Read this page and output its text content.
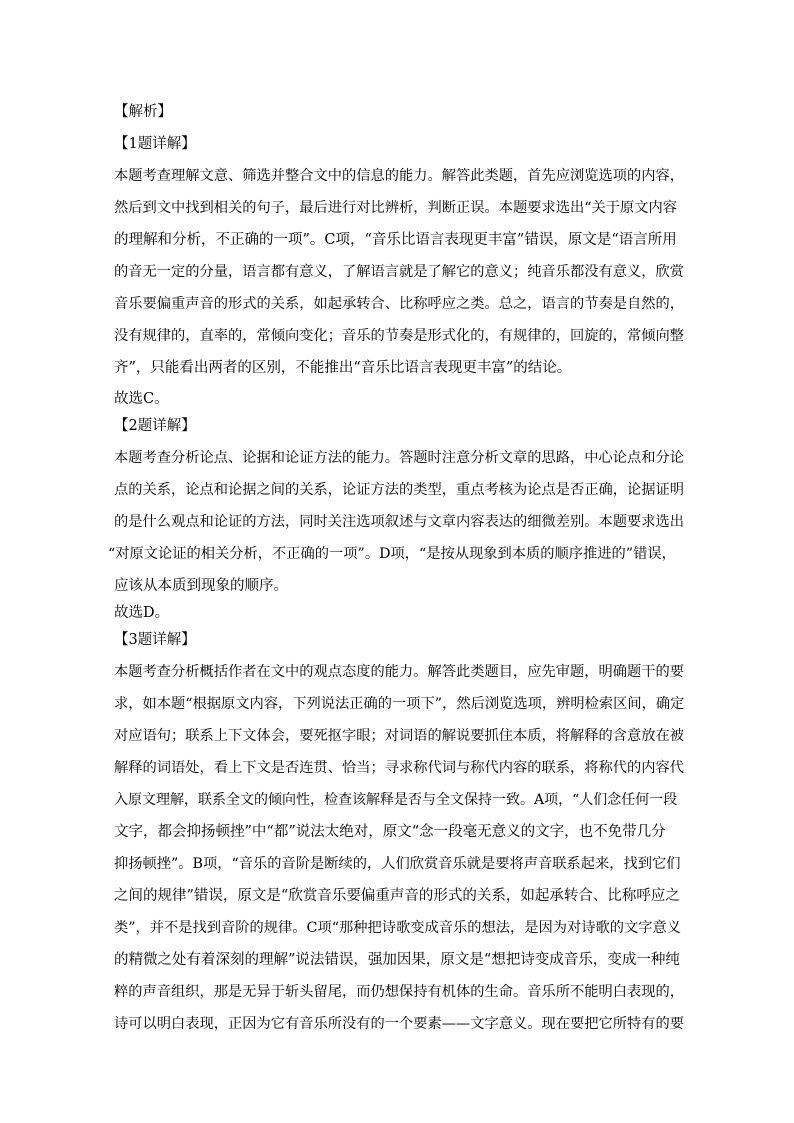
【解析】
【1题详解】
本题考查理解文意、筛选并整合文中的信息的能力。解答此类题，首先应浏览选项的内容，
然后到文中找到相关的句子，最后进行对比辨析，判断正误。本题要求选出“关于原文内容
的理解和分析，不正确的一项”。C项，“音乐比语言表现更丰富”错误，原文是“语言所用
的音无一定的分量，语言都有意义，了解语言就是了解它的意义；纯音乐都没有意义，欣赏
音乐要偏重声音的形式的关系，如起承转合、比称呼应之类。总之，语言的节奏是自然的，
没有规律的，直率的，常倾向变化；音乐的节奏是形式化的，有规律的，回旋的，常倾向整
齐”，只能看出两者的区别，不能推出“音乐比语言表现更丰富”的结论。
故选C。
【2题详解】
本题考查分析论点、论据和论证方法的能力。答题时注意分析文章的思路，中心论点和分论
点的关系，论点和论据之间的关系，论证方法的类型，重点考核为论点是否正确，论据证明
的是什么观点和论证的方法，同时关注选项叙述与文章内容表达的细微差别。本题要求选出
“对原文论证的相关分析，不正确的一项”。D项，“是按从现象到本质的顺序推进的”错误，
应该从本质到现象的顺序。
故选D。
【3题详解】
本题考查分析概括作者在文中的观点态度的能力。解答此类题目，应先审题，明确题干的要
求，如本题“根据原文内容，下列说法正确的一项下”，然后浏览选项，辨明检索区间，确定
对应语句；联系上下文体会，要死抠字眼；对词语的解说要抓住本质，将解释的含意放在被
解释的词语处，看上下文是否连贯、恰当；寻求称代词与称代内容的联系，将称代的内容代
入原文理解，联系全文的倾向性，检查该解释是否与全文保持一致。A项，“人们念任何一段
文字，都会抑扬顿挫”中“都”说法太绝对，原文“念一段毫无意义的文字，也不免带几分
抑扬顿挫”。B项，“音乐的音阶是断续的，人们欣赏音乐就是要将声音联系起来，找到它们
之间的规律”错误，原文是“欣赏音乐要偏重声音的形式的关系，如起承转合、比称呼应之
类”，并不是找到音阶的规律。C项“那种把诗歌变成音乐的想法，是因为对诗歌的文字意义
的精微之处有着深刻的理解”说法错误，强加因果，原文是“想把诗变成音乐，变成一种纯
粹的声音组织，那是无异于斩头留尾，而仍想保持有机体的生命。音乐所不能明白表现的，
诗可以明白表现，正因为它有音乐所没有的一个要素——文字意义。现在要把它所特有的要
